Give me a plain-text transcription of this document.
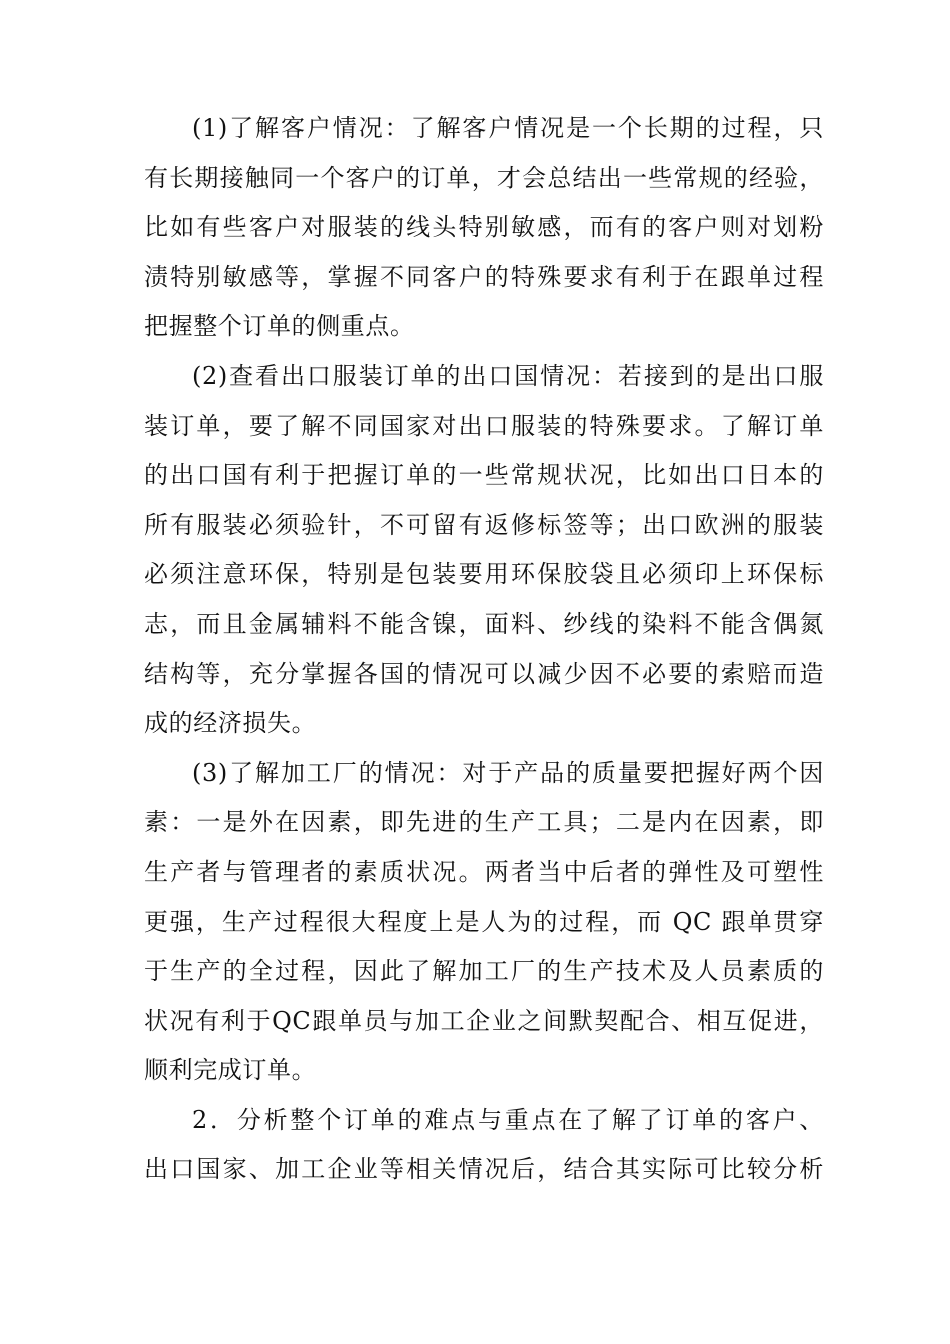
(1)了解客户情况：了解客户情况是一个长期的过程，只
有长期接触同一个客户的订单，才会总结出一些常规的经验，
比如有些客户对服装的线头特别敏感，而有的客户则对划粉
渍特别敏感等，掌握不同客户的特殊要求有利于在跟单过程
把握整个订单的侧重点。
(2)查看出口服装订单的出口国情况：若接到的是出口服
装订单，要了解不同国家对出口服装的特殊要求。了解订单
的出口国有利于把握订单的一些常规状况，比如出口日本的
所有服装必须验针，不可留有返修标签等；出口欧洲的服装
必须注意环保，特别是包装要用环保胶袋且必须印上环保标
志，而且金属辅料不能含镍，面料、纱线的染料不能含偶氮
结构等，充分掌握各国的情况可以减少因不必要的索赔而造
成的经济损失。
(3)了解加工厂的情况：对于产品的质量要把握好两个因
素：一是外在因素，即先进的生产工具；二是内在因素，即
生产者与管理者的素质状况。两者当中后者的弹性及可塑性
更强，生产过程很大程度上是人为的过程，而 QC 跟单贯穿
于生产的全过程，因此了解加工厂的生产技术及人员素质的
状况有利于QC跟单员与加工企业之间默契配合、相互促进，
顺利完成订单。
2．分析整个订单的难点与重点在了解了订单的客户、
出口国家、加工企业等相关情况后，结合其实际可比较分析
